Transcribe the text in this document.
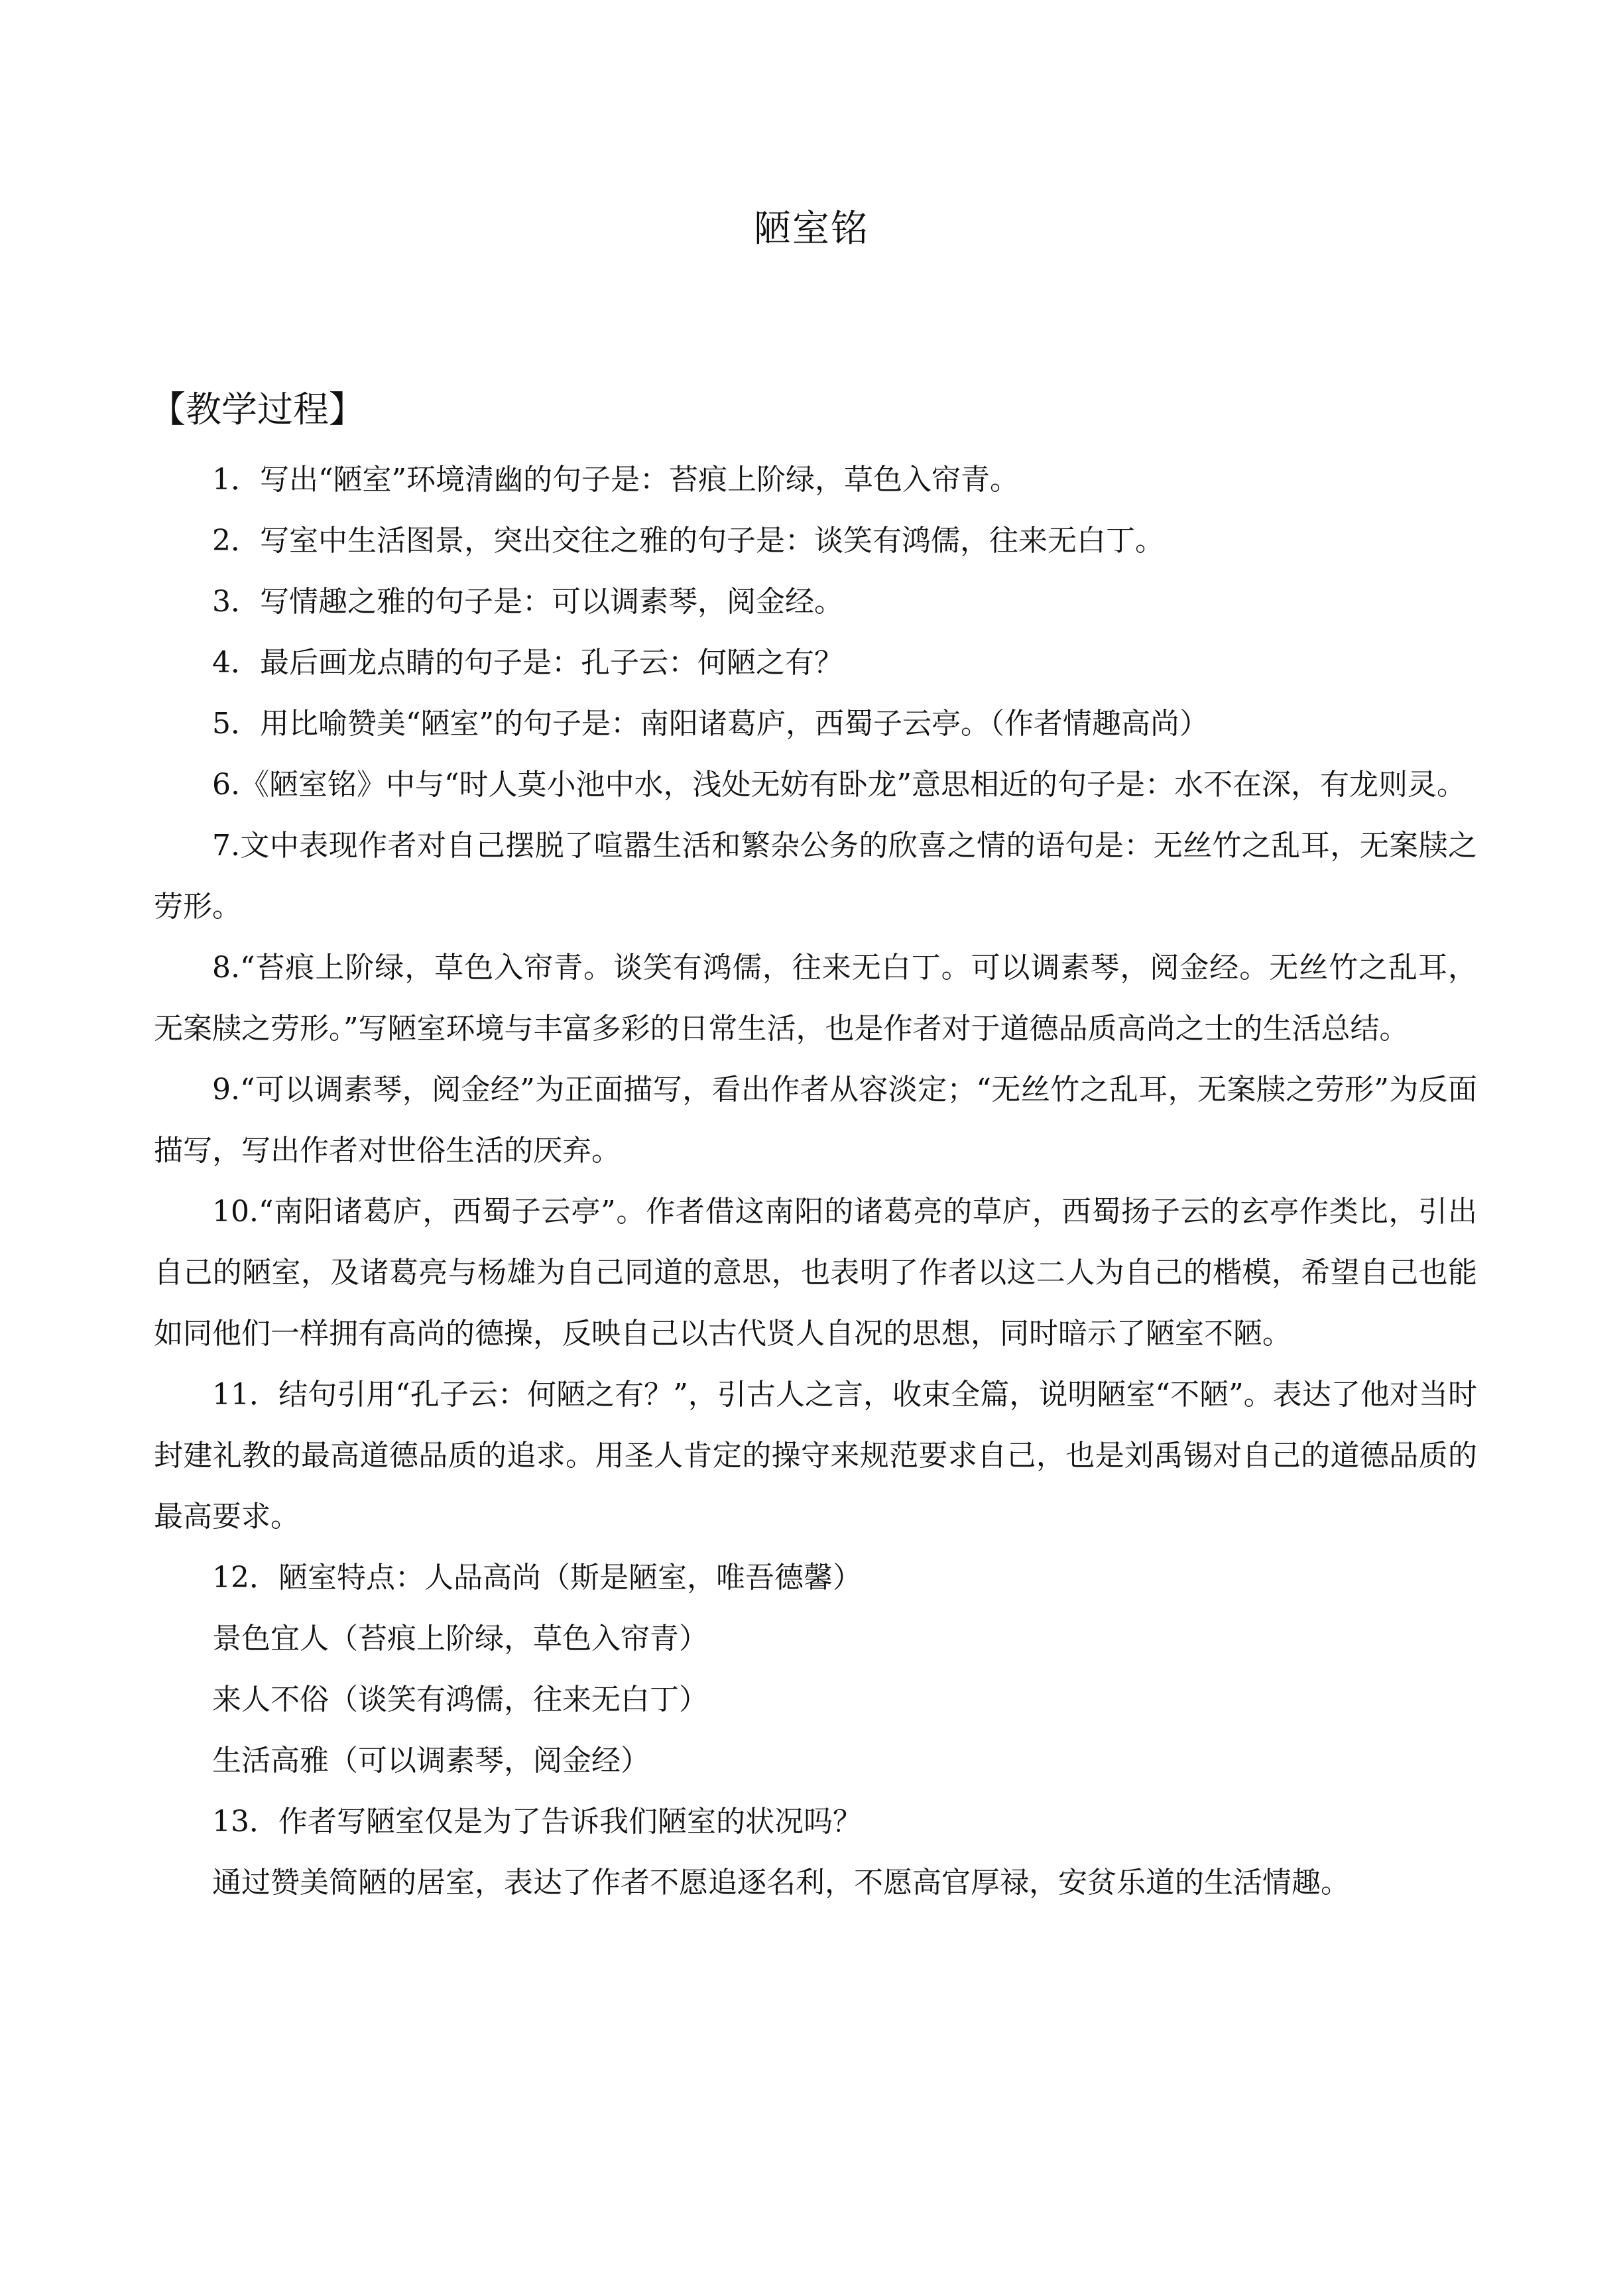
陋室铭
【教学过程】

1．写出“陋室”环境清幽的句子是：苔痕上阶绿，草色入帘青。

2．写室中生活图景，突出交往之雅的句子是：谈笑有鸿儒，往来无白丁。

3．写情趣之雅的句子是：可以调素琴，阅金经。

4．最后画龙点睛的句子是：孔子云：何陋之有？

5．用比喻赞美“陋室”的句子是：南阳诸葛庐，西蜀子云亭。（作者情趣高尚）

6.《陋室铭》中与“时人莫小池中水，浅处无妨有卧龙”意思相近的句子是：水不在深，有龙则灵。

7.文中表现作者对自己摆脱了喧嚣生活和繁杂公务的欣喜之情的语句是：无丝竹之乱耳，无案牍之劳形。

8.“苔痕上阶绿，草色入帘青。谈笑有鸿儒，往来无白丁。可以调素琴，阅金经。无丝竹之乱耳，无案牍之劳形。”写陋室环境与丰富多彩的日常生活，也是作者对于道德品质高尚之士的生活总结。

9.“可以调素琴，阅金经”为正面描写，看出作者从容淡定；“无丝竹之乱耳，无案牍之劳形”为反面描写，写出作者对世俗生活的厌弃。

10.“南阳诸葛庐，西蜀子云亭”。作者借这南阳的诸葛亮的草庐，西蜀扬子云的玄亭作类比，引出自己的陋室，及诸葛亮与杨雄为自己同道的意思，也表明了作者以这二人为自己的楷模，希望自己也能如同他们一样拥有高尚的德操，反映自己以古代贤人自况的思想，同时暗示了陋室不陋。

11．结句引用“孔子云：何陋之有？”，引古人之言，收束全篇，说明陋室“不陋”。表达了他对当时封建礼教的最高道德品质的追求。用圣人肯定的操守来规范要求自己，也是刘禹锡对自己的道德品质的最高要求。

12．陋室特点：人品高尚（斯是陋室，唯吾德馨）

景色宜人（苔痕上阶绿，草色入帘青）

来人不俗（谈笑有鸿儒，往来无白丁）

生活高雅（可以调素琴，阅金经）

13．作者写陋室仅是为了告诉我们陋室的状况吗？

通过赞美简陋的居室，表达了作者不愿追逐名利，不愿高官厚禄，安贫乐道的生活情趣。
